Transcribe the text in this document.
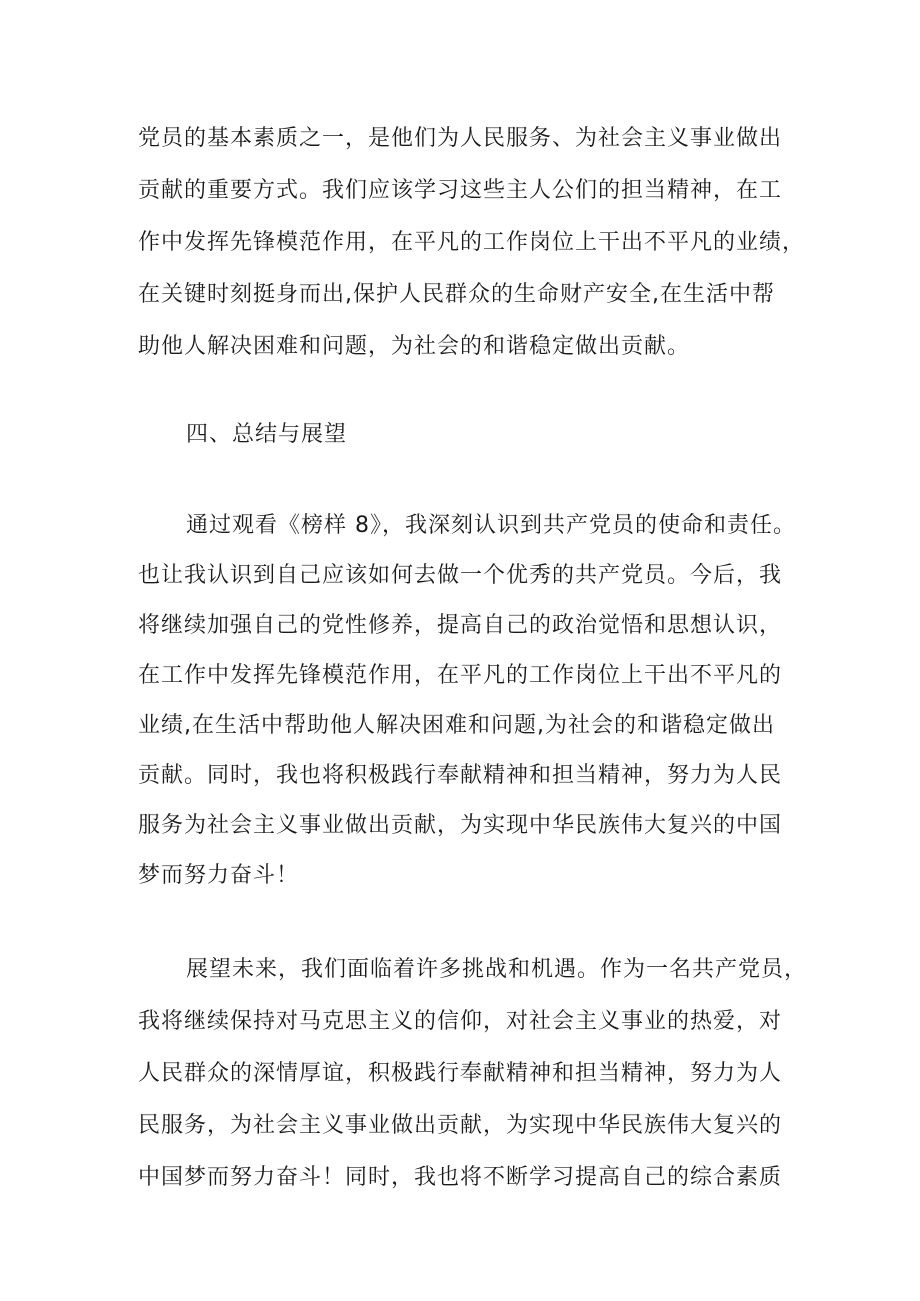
党员的基本素质之一，是他们为人民服务、为社会主义事业做出
贡献的重要方式。我们应该学习这些主人公们的担当精神，在工
作中发挥先锋模范作用，在平凡的工作岗位上干出不平凡的业绩，
在关键时刻挺身而出,保护人民群众的生命财产安全,在生活中帮
助他人解决困难和问题，为社会的和谐稳定做出贡献。
四、总结与展望
通过观看《榜样 8》，我深刻认识到共产党员的使命和责任。
也让我认识到自己应该如何去做一个优秀的共产党员。今后，我
将继续加强自己的党性修养，提高自己的政治觉悟和思想认识，
在工作中发挥先锋模范作用，在平凡的工作岗位上干出不平凡的
业绩,在生活中帮助他人解决困难和问题,为社会的和谐稳定做出
贡献。同时，我也将积极践行奉献精神和担当精神，努力为人民
服务为社会主义事业做出贡献，为实现中华民族伟大复兴的中国
梦而努力奋斗！
展望未来，我们面临着许多挑战和机遇。作为一名共产党员，
我将继续保持对马克思主义的信仰，对社会主义事业的热爱，对
人民群众的深情厚谊，积极践行奉献精神和担当精神，努力为人
民服务，为社会主义事业做出贡献，为实现中华民族伟大复兴的
中国梦而努力奋斗！同时，我也将不断学习提高自己的综合素质
